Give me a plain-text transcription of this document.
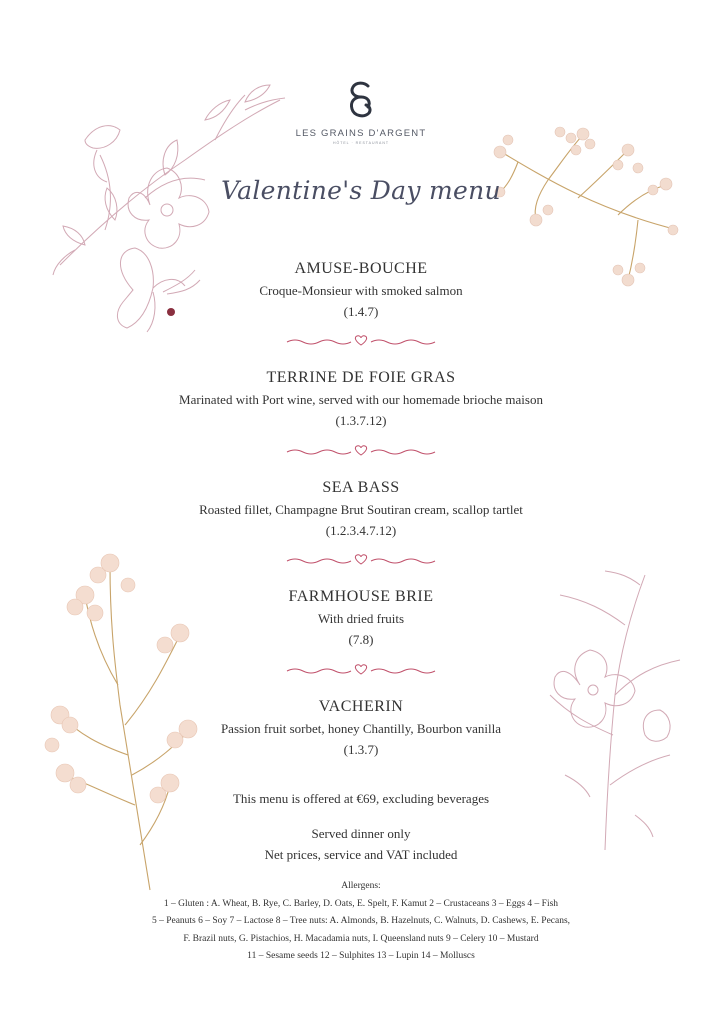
LES GRAINS D'ARGENT
HÔTEL · RESTAURANT
Valentine's Day menu
AMUSE-BOUCHE
Croque-Monsieur with smoked salmon
(1.4.7)
TERRINE DE FOIE GRAS
Marinated with Port wine, served with our homemade brioche maison
(1.3.7.12)
SEA BASS
Roasted fillet, Champagne Brut Soutiran cream, scallop tartlet
(1.2.3.4.7.12)
FARMHOUSE BRIE
With dried fruits
(7.8)
VACHERIN
Passion fruit sorbet, honey Chantilly, Bourbon vanilla
(1.3.7)
This menu is offered at €69, excluding beverages
Served dinner only
Net prices, service and VAT included
Allergens:
1 – Gluten : A. Wheat, B. Rye, C. Barley, D. Oats, E. Spelt, F. Kamut 2 – Crustaceans 3 – Eggs 4 – Fish
5 – Peanuts 6 – Soy 7 – Lactose 8 – Tree nuts: A. Almonds, B. Hazelnuts, C. Walnuts, D. Cashews, E. Pecans,
F. Brazil nuts, G. Pistachios, H. Macadamia nuts, I. Queensland nuts 9 – Celery 10 – Mustard
11 – Sesame seeds 12 – Sulphites 13 – Lupin 14 – Molluscs
